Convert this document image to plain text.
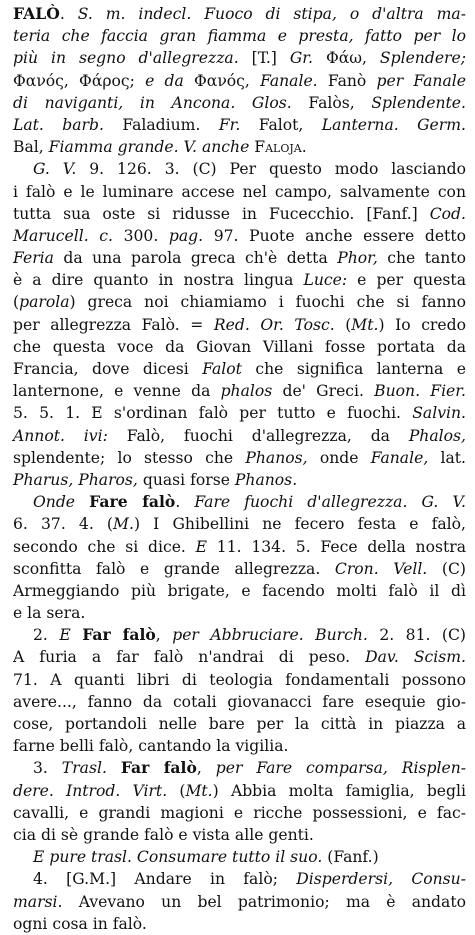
FALÒ. S. m. indecl. Fuoco di stipa, o d'altra ma-
teria che faccia gran fiamma e presta, fatto per lo
più in segno d'allegrezza. [T.] Gr. Φάω, Splendere;
Φανός, Φάρος; e da Φανός, Fanale. Fanò per Fanale
di naviganti, in Ancona. Glos. Falòs, Splendente.
Lat. barb. Faladium. Fr. Falot, Lanterna. Germ.
Bal, Fiamma grande. V. anche Faloja.
G. V. 9. 126. 3. (C) Per questo modo lasciando
i falò e le luminare accese nel campo, salvamente con
tutta sua oste si ridusse in Fucecchio. [Fanf.] Cod.
Marucell. c. 300. pag. 97. Puote anche essere detto
Feria da una parola greca ch'è detta Phor, che tanto
è a dire quanto in nostra lingua Luce: e per questa
(parola) greca noi chiamiamo i fuochi che si fanno
per allegrezza Falò. = Red. Or. Tosc. (Mt.) Io credo
che questa voce da Giovan Villani fosse portata da
Francia, dove dicesi Falot che significa lanterna e
lanternone, e venne da phalos de' Greci. Buon. Fier.
5. 5. 1. E s'ordinan falò per tutto e fuochi. Salvin.
Annot. ivi: Falò, fuochi d'allegrezza, da Phalos,
splendente; lo stesso che Phanos, onde Fanale, lat.
Pharus, Pharos, quasi forse Phanos.
Onde Fare falò. Fare fuochi d'allegrezza. G. V.
6. 37. 4. (M.) I Ghibellini ne fecero festa e falò,
secondo che si dice. E 11. 134. 5. Fece della nostra
sconfitta falò e grande allegrezza. Cron. Vell. (C)
Armeggiando più brigate, e facendo molti falò il dì
e la sera.
2. E Far falò, per Abbruciare. Burch. 2. 81. (C)
A furia a far falò n'andrai di peso. Dav. Scism.
71. A quanti libri di teologia fondamentali possono
avere..., fanno da cotali giovanacci fare esequie gio-
cose, portandoli nelle bare per la città in piazza a
farne belli falò, cantando la vigilia.
3. Trasl. Far falò, per Fare comparsa, Risplen-
dere. Introd. Virt. (Mt.) Abbia molta famiglia, begli
cavalli, e grandi magioni e ricche possessioni, e fac-
cia di sè grande falò e vista alle genti.
E pure trasl. Consumare tutto il suo. (Fanf.)
4. [G.M.] Andare in falò; Disperdersi, Consu-
marsi. Avevano un bel patrimonio; ma è andato
ogni cosa in falò.
